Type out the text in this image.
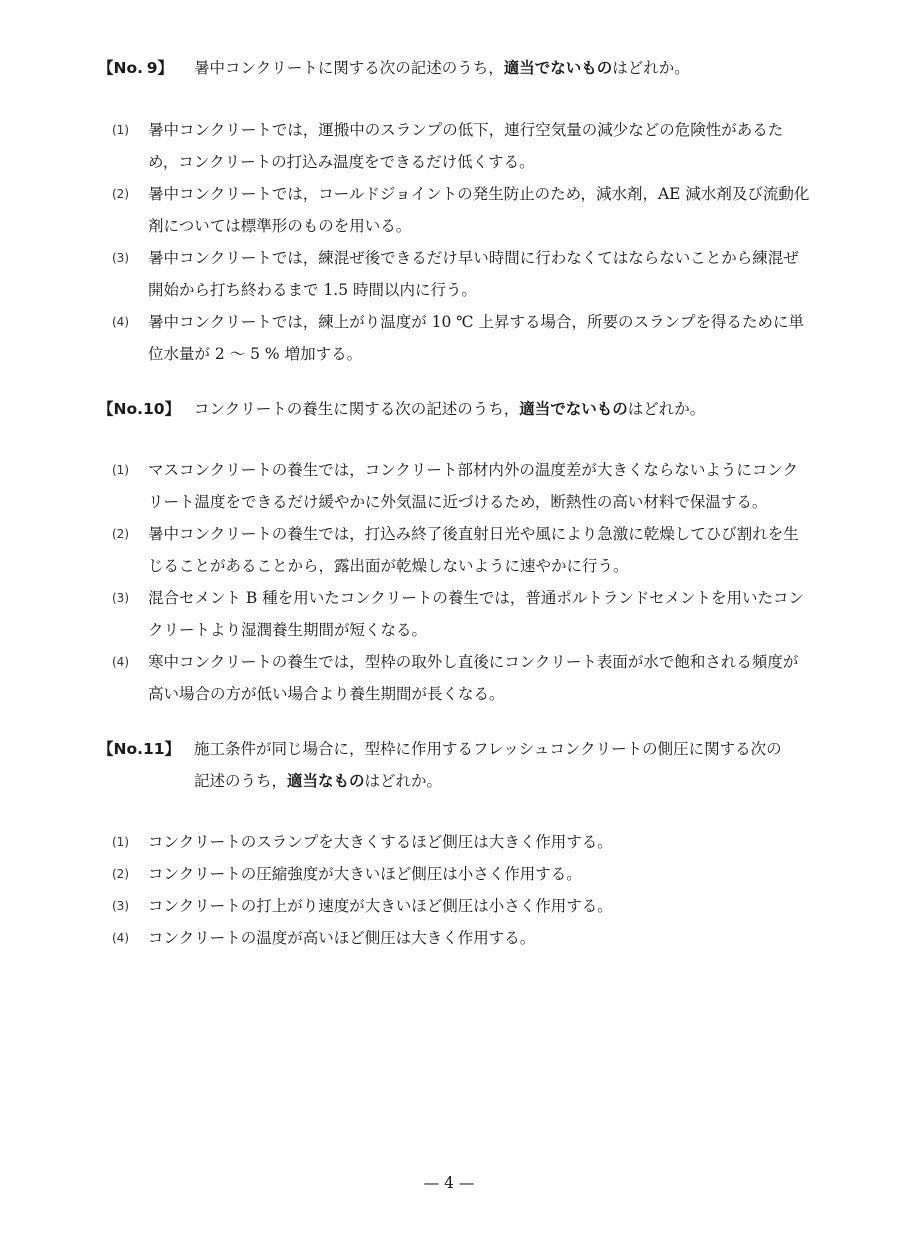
【No. 9】 暑中コンクリートに関する次の記述のうち，適当でないものはどれか。
(1) 暑中コンクリートでは，運搬中のスランプの低下，連行空気量の減少などの危険性があるため，コンクリートの打込み温度をできるだけ低くする。
(2) 暑中コンクリートでは，コールドジョイントの発生防止のため，減水剤，AE 減水剤及び流動化剤については標準形のものを用いる。
(3) 暑中コンクリートでは，練混ぜ後できるだけ早い時間に行わなくてはならないことから練混ぜ開始から打ち終わるまで 1.5 時間以内に行う。
(4) 暑中コンクリートでは，練上がり温度が 10 ℃ 上昇する場合，所要のスランプを得るために単位水量が 2 ～ 5 % 増加する。
【No.10】 コンクリートの養生に関する次の記述のうち，適当でないものはどれか。
(1) マスコンクリートの養生では，コンクリート部材内外の温度差が大きくならないようにコンクリート温度をできるだけ緩やかに外気温に近づけるため，断熱性の高い材料で保温する。
(2) 暑中コンクリートの養生では，打込み終了後直射日光や風により急激に乾燥してひび割れを生じることがあることから，露出面が乾燥しないように速やかに行う。
(3) 混合セメント B 種を用いたコンクリートの養生では，普通ポルトランドセメントを用いたコンクリートより湿潤養生期間が短くなる。
(4) 寒中コンクリートの養生では，型枠の取外し直後にコンクリート表面が水で飽和される頻度が高い場合の方が低い場合より養生期間が長くなる。
【No.11】 施工条件が同じ場合に，型枠に作用するフレッシュコンクリートの側圧に関する次の
記述のうち，適当なものはどれか。
(1) コンクリートのスランプを大きくするほど側圧は大きく作用する。
(2) コンクリートの圧縮強度が大きいほど側圧は小さく作用する。
(3) コンクリートの打上がり速度が大きいほど側圧は小さく作用する。
(4) コンクリートの温度が高いほど側圧は大きく作用する。
— 4 —
